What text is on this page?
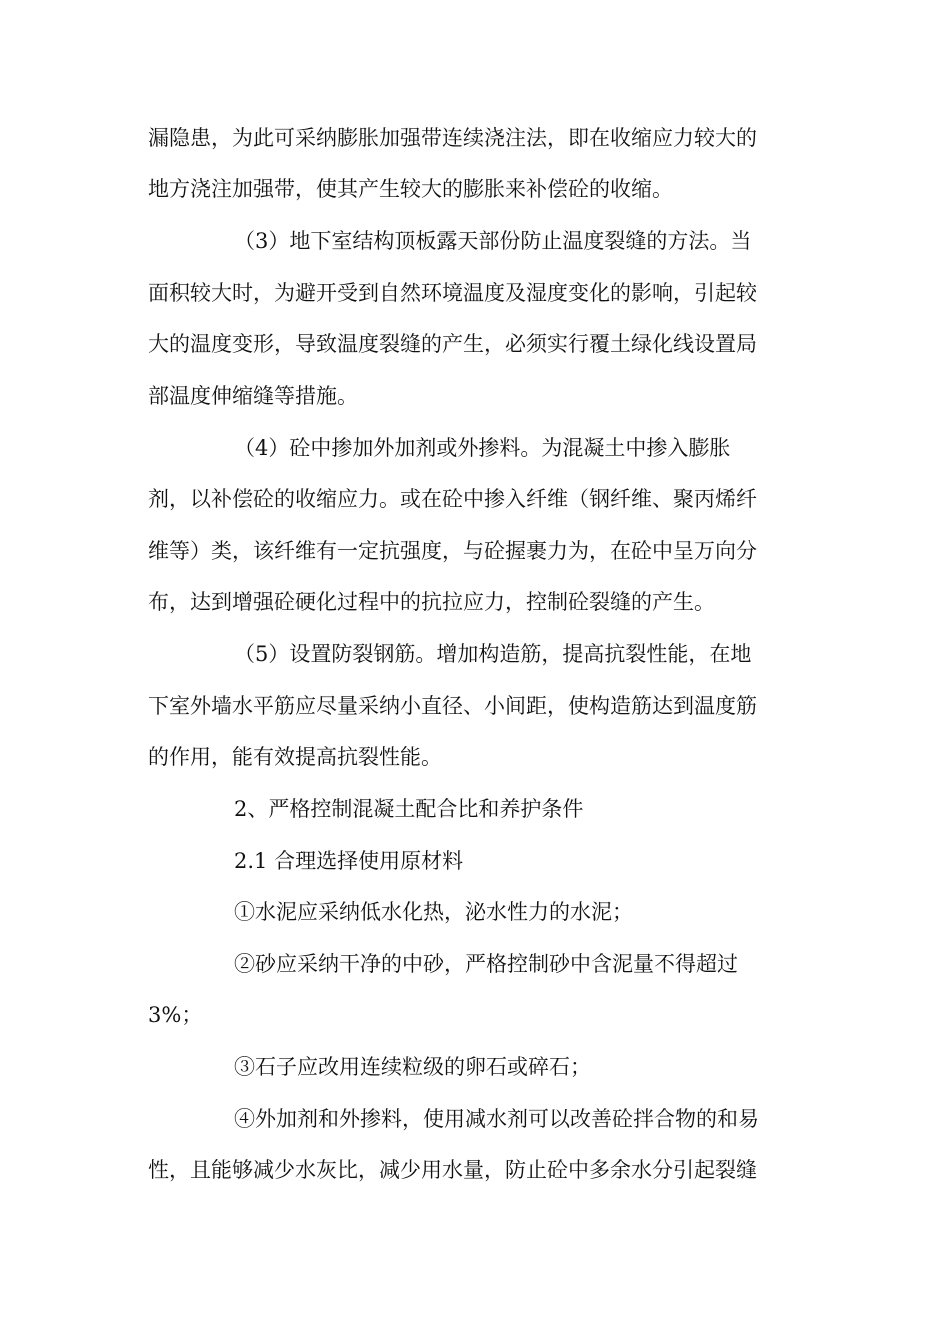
漏隐患，为此可采纳膨胀加强带连续浇注法，即在收缩应力较大的
地方浇注加强带，使其产生较大的膨胀来补偿砼的收缩。
（3）地下室结构顶板露天部份防止温度裂缝的方法。当
面积较大时，为避开受到自然环境温度及湿度变化的影响，引起较
大的温度变形，导致温度裂缝的产生，必须实行覆土绿化线设置局
部温度伸缩缝等措施。
（4）砼中掺加外加剂或外掺料。为混凝土中掺入膨胀
剂，以补偿砼的收缩应力。或在砼中掺入纤维（钢纤维、聚丙烯纤
维等）类，该纤维有一定抗强度，与砼握裹力为，在砼中呈万向分
布，达到增强砼硬化过程中的抗拉应力，控制砼裂缝的产生。
（5）设置防裂钢筋。增加构造筋，提高抗裂性能，在地
下室外墙水平筋应尽量采纳小直径、小间距，使构造筋达到温度筋
的作用，能有效提高抗裂性能。
2、严格控制混凝土配合比和养护条件
2.1 合理选择使用原材料
①水泥应采纳低水化热，泌水性力的水泥；
②砂应采纳干净的中砂，严格控制砂中含泥量不得超过
3%；
③石子应改用连续粒级的卵石或碎石；
④外加剂和外掺料，使用减水剂可以改善砼拌合物的和易
性，且能够减少水灰比，减少用水量，防止砼中多余水分引起裂缝
